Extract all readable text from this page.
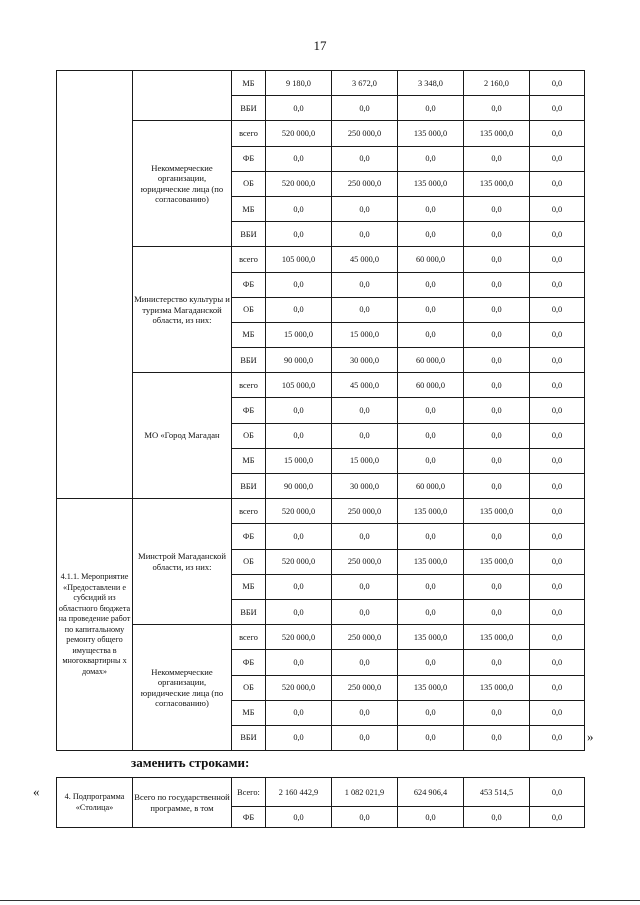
17
		МБ	9 180,0	3 672,0	3 348,0	2 160,0	0,0
		ВБИ	0,0	0,0	0,0	0,0	0,0
	Некоммерческие организации, юридические лица (по согласованию)	всего	520 000,0	250 000,0	135 000,0	135 000,0	0,0
		ФБ	0,0	0,0	0,0	0,0	0,0
		ОБ	520 000,0	250 000,0	135 000,0	135 000,0	0,0
		МБ	0,0	0,0	0,0	0,0	0,0
		ВБИ	0,0	0,0	0,0	0,0	0,0
	Министерство культуры и туризма Магаданской области, из них:	всего	105 000,0	45 000,0	60 000,0	0,0	0,0
		ФБ	0,0	0,0	0,0	0,0	0,0
		ОБ	0,0	0,0	0,0	0,0	0,0
		МБ	15 000,0	15 000,0	0,0	0,0	0,0
		ВБИ	90 000,0	30 000,0	60 000,0	0,0	0,0
	МО «Город Магадан	всего	105 000,0	45 000,0	60 000,0	0,0	0,0
		ФБ	0,0	0,0	0,0	0,0	0,0
		ОБ	0,0	0,0	0,0	0,0	0,0
		МБ	15 000,0	15 000,0	0,0	0,0	0,0
		ВБИ	90 000,0	30 000,0	60 000,0	0,0	0,0
4.1.1. Мероприятие «Предоставлени е субсидий из областного бюджета на проведение работ по капитальному ремонту общего имущества в многоквартирны х домах»	Минстрой Магаданской области, из них:	всего	520 000,0	250 000,0	135 000,0	135 000,0	0,0
		ФБ	0,0	0,0	0,0	0,0	0,0
		ОБ	520 000,0	250 000,0	135 000,0	135 000,0	0,0
		МБ	0,0	0,0	0,0	0,0	0,0
		ВБИ	0,0	0,0	0,0	0,0	0,0
	Некоммерческие организации, юридические лица (по согласованию)	всего	520 000,0	250 000,0	135 000,0	135 000,0	0,0
		ФБ	0,0	0,0	0,0	0,0	0,0
		ОБ	520 000,0	250 000,0	135 000,0	135 000,0	0,0
		МБ	0,0	0,0	0,0	0,0	0,0
		ВБИ	0,0	0,0	0,0	0,0	0,0 »
заменить строками:
«	4. Подпрограмма «Столица»	Всего по государственной программе, в том	Всего:	2 160 442,9	1 082 021,9	624 906,4	453 514,5	0,0
		ФБ	0,0	0,0	0,0	0,0	0,0
